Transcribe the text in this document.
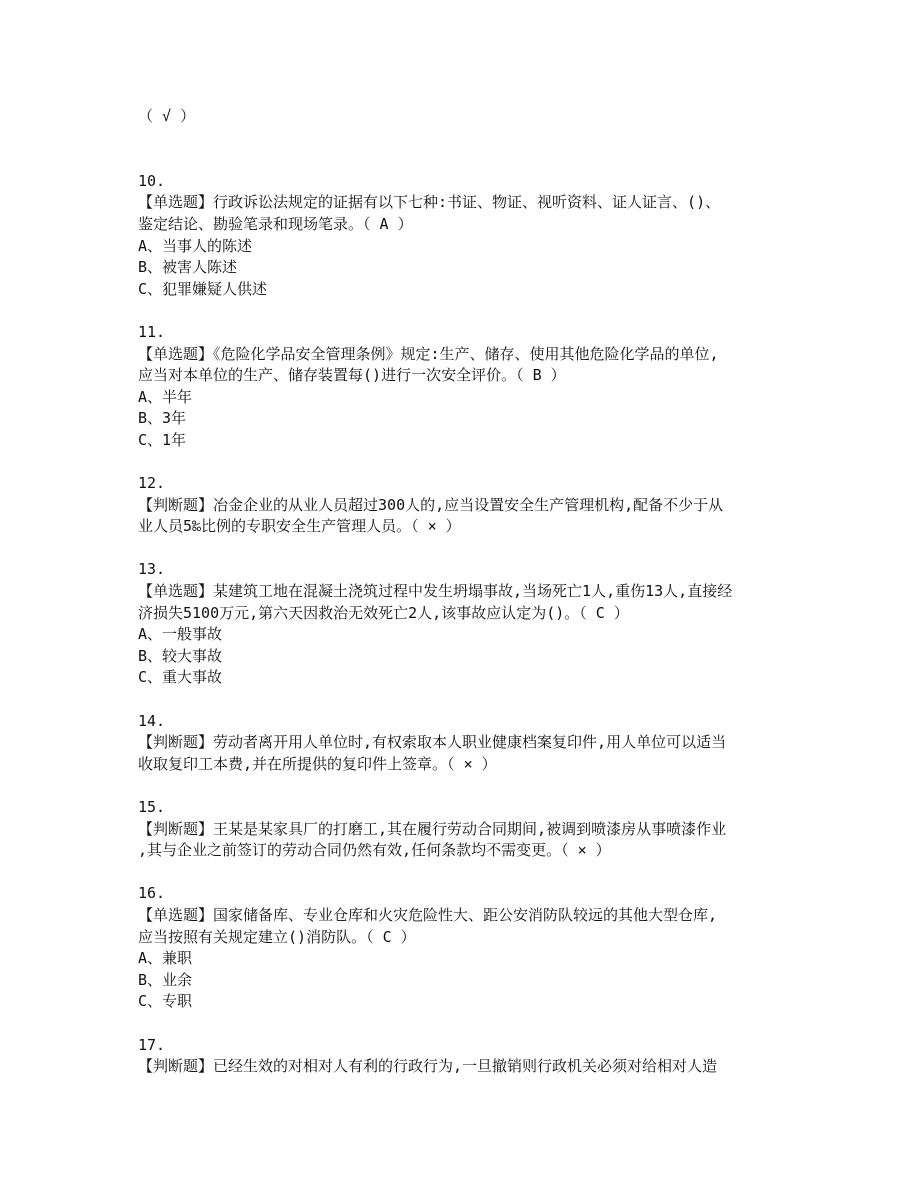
（ √ ）
10.
【单选题】行政诉讼法规定的证据有以下七种:书证、物证、视听资料、证人证言、()、
鉴定结论、勘验笔录和现场笔录。（ A ）
A、当事人的陈述
B、被害人陈述
C、犯罪嫌疑人供述
11.
【单选题】《危险化学品安全管理条例》规定:生产、储存、使用其他危险化学品的单位,
应当对本单位的生产、储存装置每()进行一次安全评价。（ B ）
A、半年
B、3年
C、1年
12.
【判断题】冶金企业的从业人员超过300人的,应当设置安全生产管理机构,配备不少于从
业人员5‰比例的专职安全生产管理人员。（ × ）
13.
【单选题】某建筑工地在混凝土浇筑过程中发生坍塌事故,当场死亡1人,重伤13人,直接经
济损失5100万元,第六天因救治无效死亡2人,该事故应认定为()。（ C ）
A、一般事故
B、较大事故
C、重大事故
14.
【判断题】劳动者离开用人单位时,有权索取本人职业健康档案复印件,用人单位可以适当
收取复印工本费,并在所提供的复印件上签章。（ × ）
15.
【判断题】王某是某家具厂的打磨工,其在履行劳动合同期间,被调到喷漆房从事喷漆作业
,其与企业之前签订的劳动合同仍然有效,任何条款均不需变更。（ × ）
16.
【单选题】国家储备库、专业仓库和火灾危险性大、距公安消防队较远的其他大型仓库,
应当按照有关规定建立()消防队。（ C ）
A、兼职
B、业余
C、专职
17.
【判断题】已经生效的对相对人有利的行政行为,一旦撤销则行政机关必须对给相对人造
